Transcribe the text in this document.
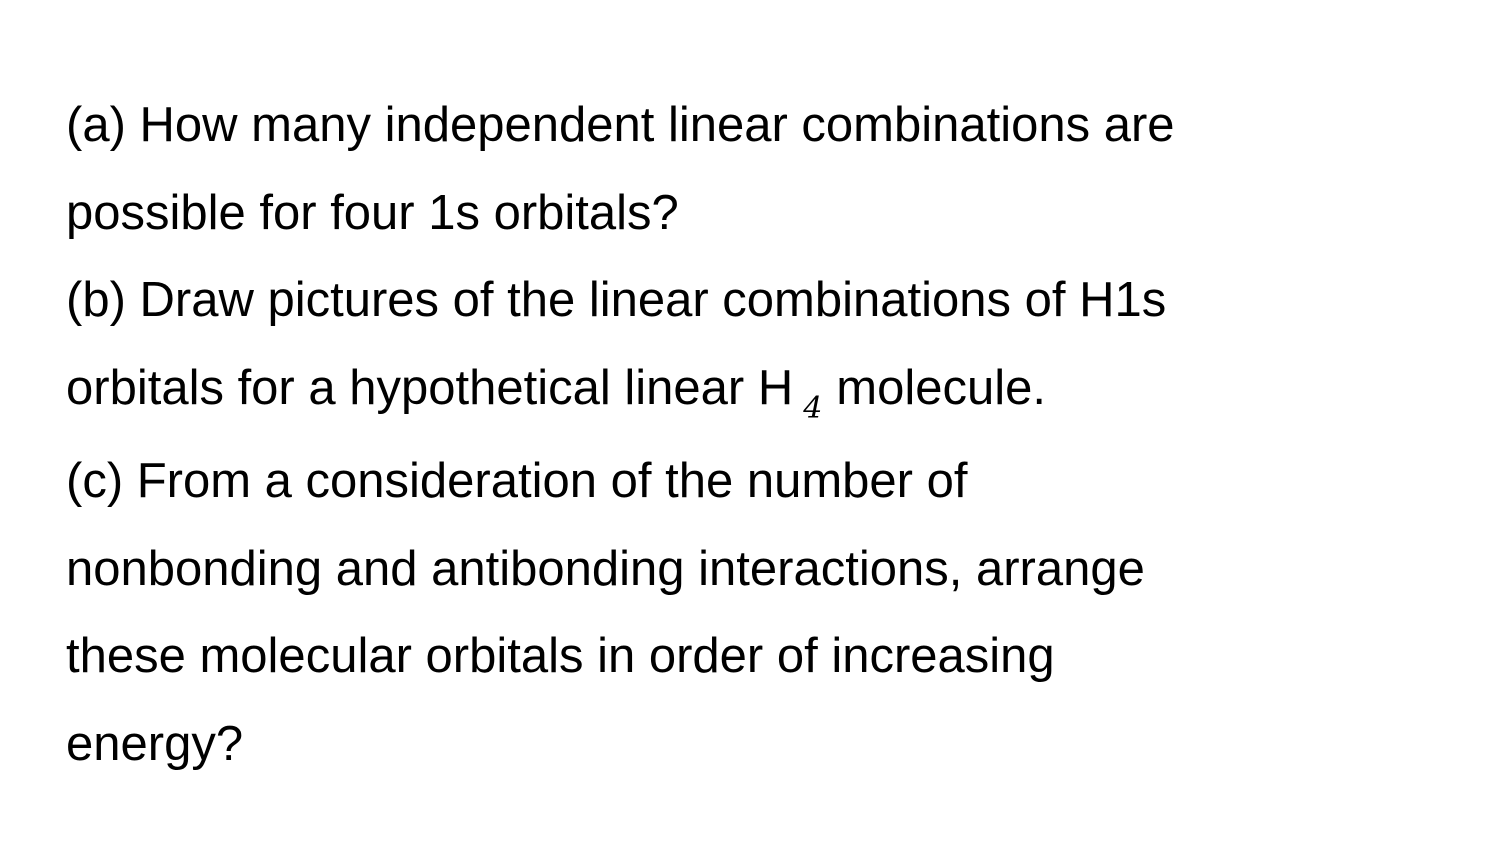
(a) How many independent linear combinations are
possible for four 1s orbitals?
(b) Draw pictures of the linear combinations of H1s
orbitals for a hypothetical linear H $_4$ molecule.
(c) From a consideration of the number of
nonbonding and antibonding interactions, arrange
these molecular orbitals in order of increasing
energy?
